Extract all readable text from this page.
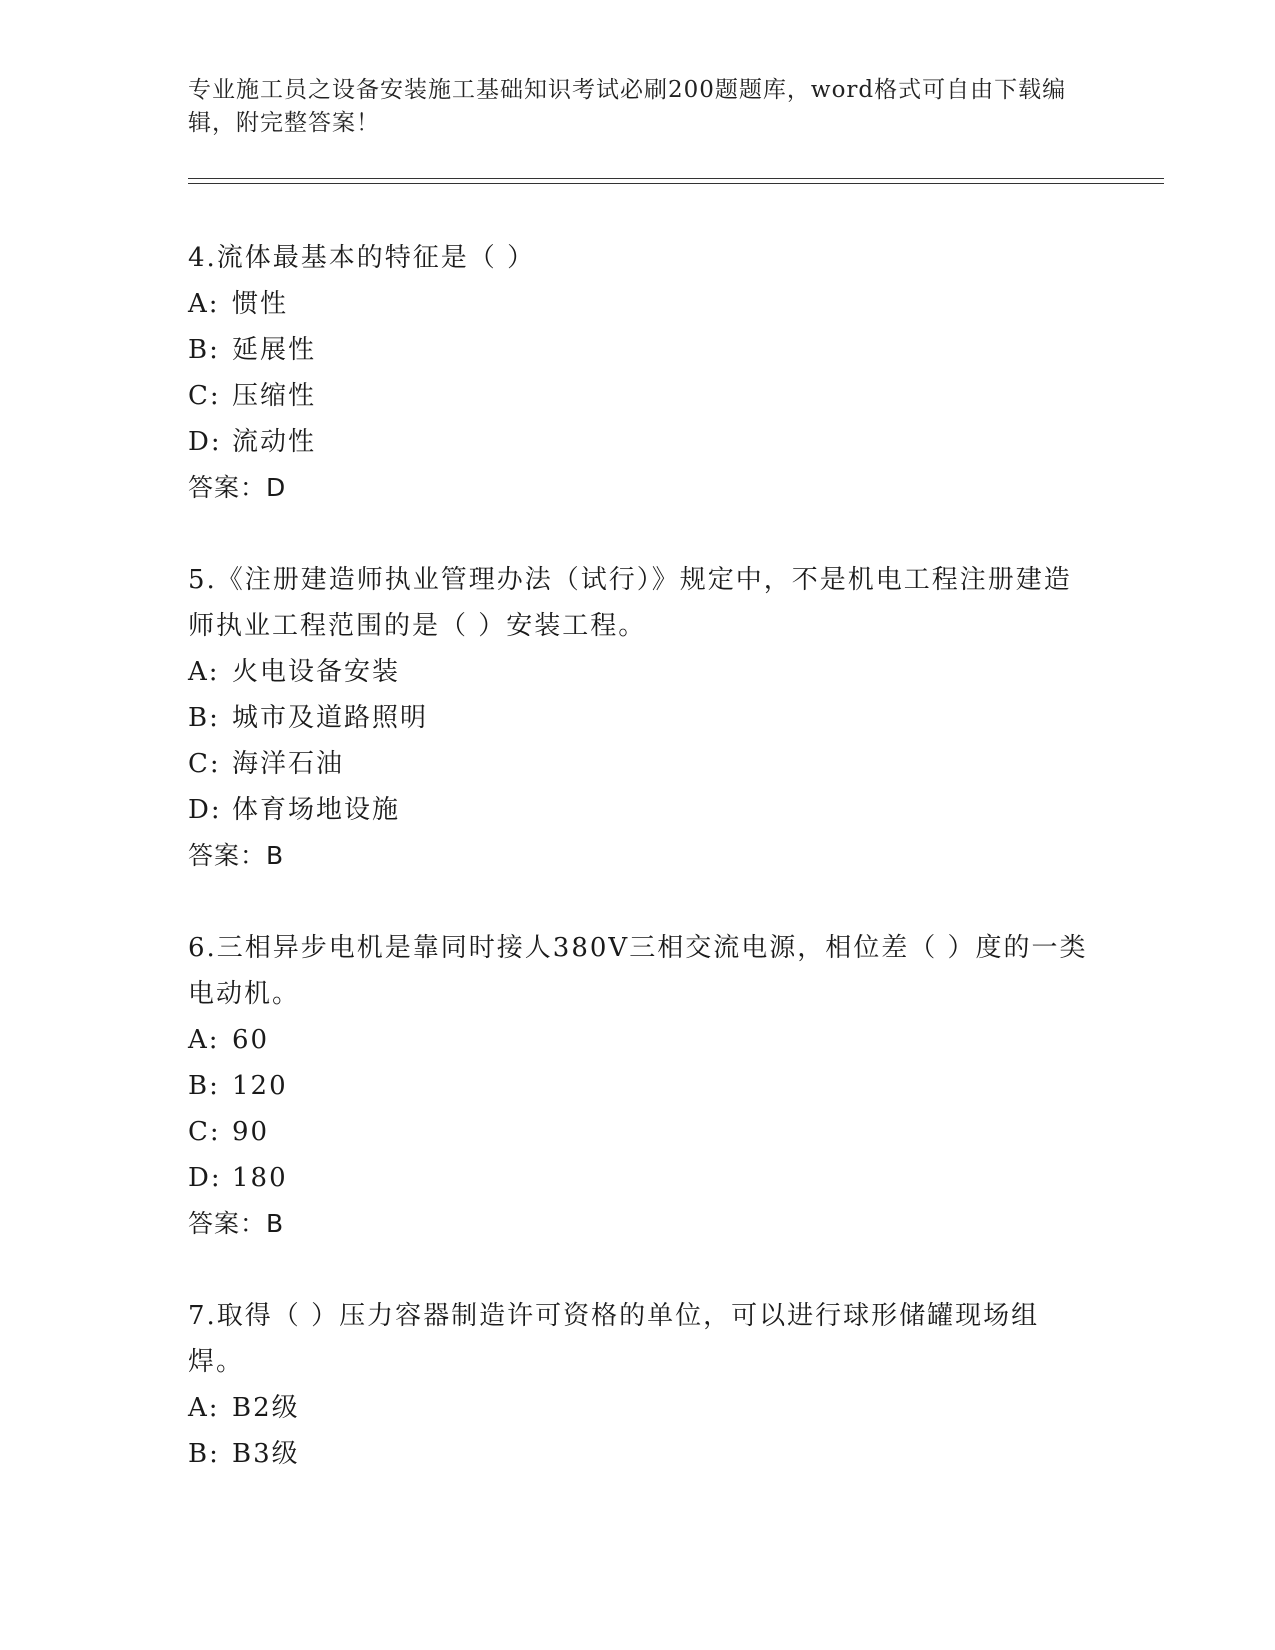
专业施工员之设备安装施工基础知识考试必刷200题题库，word格式可自由下载编辑，附完整答案！

4.流体最基本的特征是（ ）

A: 惯性

B: 延展性

C: 压缩性

D: 流动性

答案：D

5.《注册建造师执业管理办法（试行）》规定中，不是机电工程注册建造师执业工程范围的是（ ）安装工程。

A: 火电设备安装

B: 城市及道路照明

C: 海洋石油

D: 体育场地设施

答案：B

6.三相异步电机是靠同时接人380V三相交流电源，相位差（ ）度的一类电动机。

A: 60

B: 120

C: 90

D: 180

答案：B

7.取得（ ）压力容器制造许可资格的单位，可以进行球形储罐现场组焊。

A: B2级

B: B3级
